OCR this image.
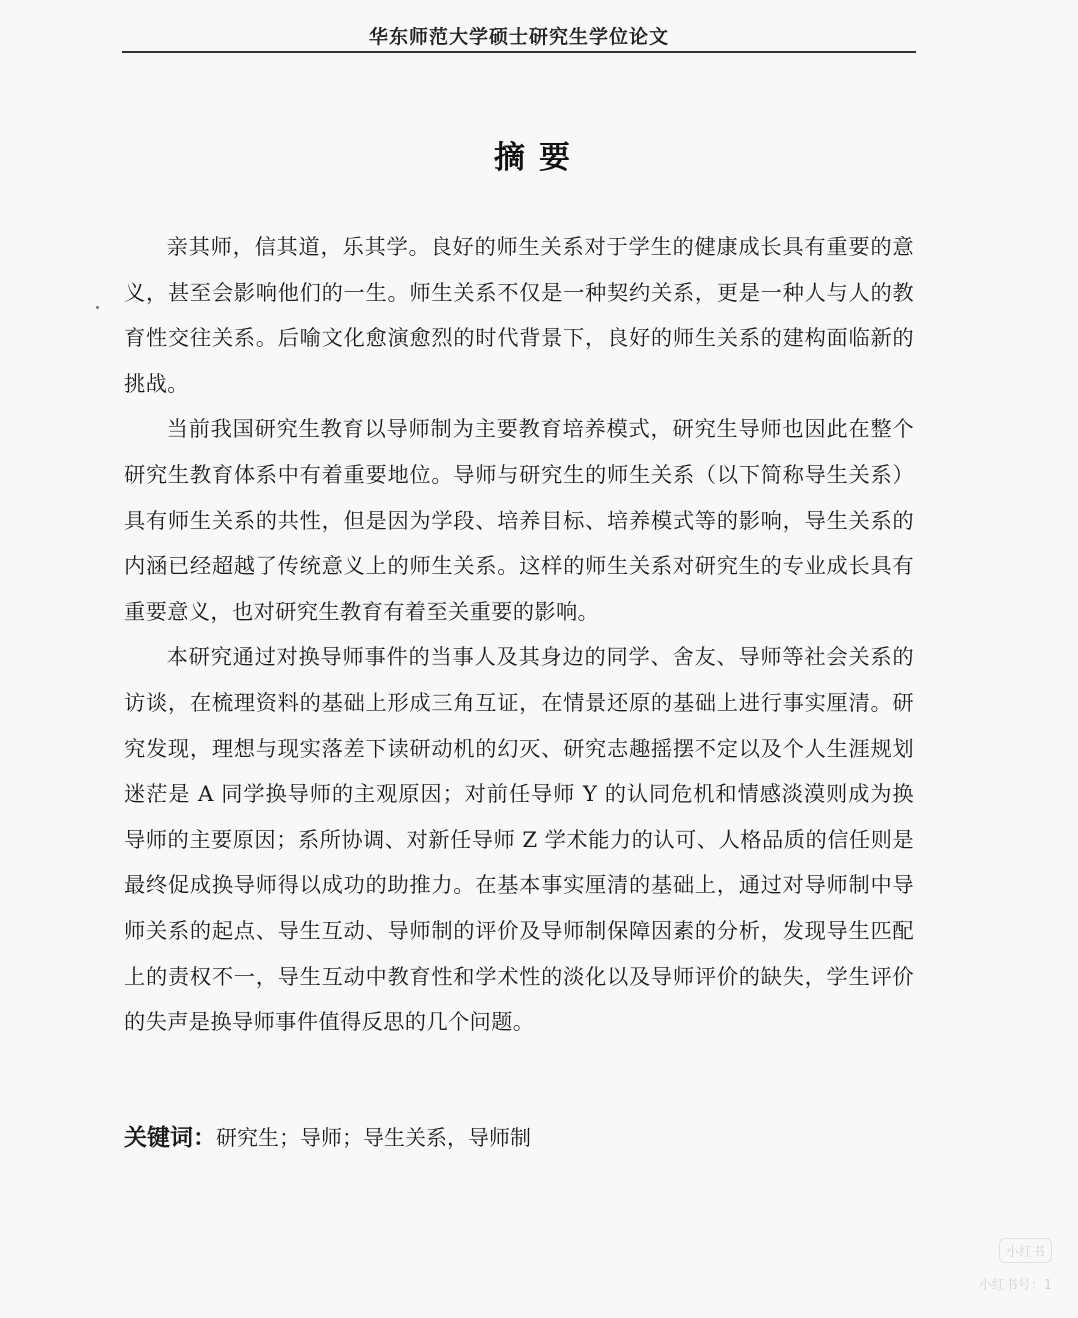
华东师范大学硕士研究生学位论文
摘要

亲其师，信其道，乐其学。良好的师生关系对于学生的健康成长具有重要的意义，甚至会影响他们的一生。师生关系不仅是一种契约关系，更是一种人与人的教育性交往关系。后喻文化愈演愈烈的时代背景下，良好的师生关系的建构面临新的挑战。

当前我国研究生教育以导师制为主要教育培养模式，研究生导师也因此在整个研究生教育体系中有着重要地位。导师与研究生的师生关系（以下简称导生关系）具有师生关系的共性，但是因为学段、培养目标、培养模式等的影响，导生关系的内涵已经超越了传统意义上的师生关系。这样的师生关系对研究生的专业成长具有重要意义，也对研究生教育有着至关重要的影响。

本研究通过对换导师事件的当事人及其身边的同学、舍友、导师等社会关系的访谈，在梳理资料的基础上形成三角互证，在情景还原的基础上进行事实厘清。研究发现，理想与现实落差下读研动机的幻灭、研究志趣摇摆不定以及个人生涯规划迷茫是 A 同学换导师的主观原因；对前任导师 Y 的认同危机和情感淡漠则成为换导师的主要原因；系所协调、对新任导师 Z 学术能力的认可、人格品质的信任则是最终促成换导师得以成功的助推力。在基本事实厘清的基础上，通过对导师制中导师关系的起点、导生互动、导师制的评价及导师制保障因素的分析，发现导生匹配上的责权不一，导生互动中教育性和学术性的淡化以及导师评价的缺失，学生评价的失声是换导师事件值得反思的几个问题。

关键词：研究生；导师；导生关系，导师制
小红书
小红书号：1
